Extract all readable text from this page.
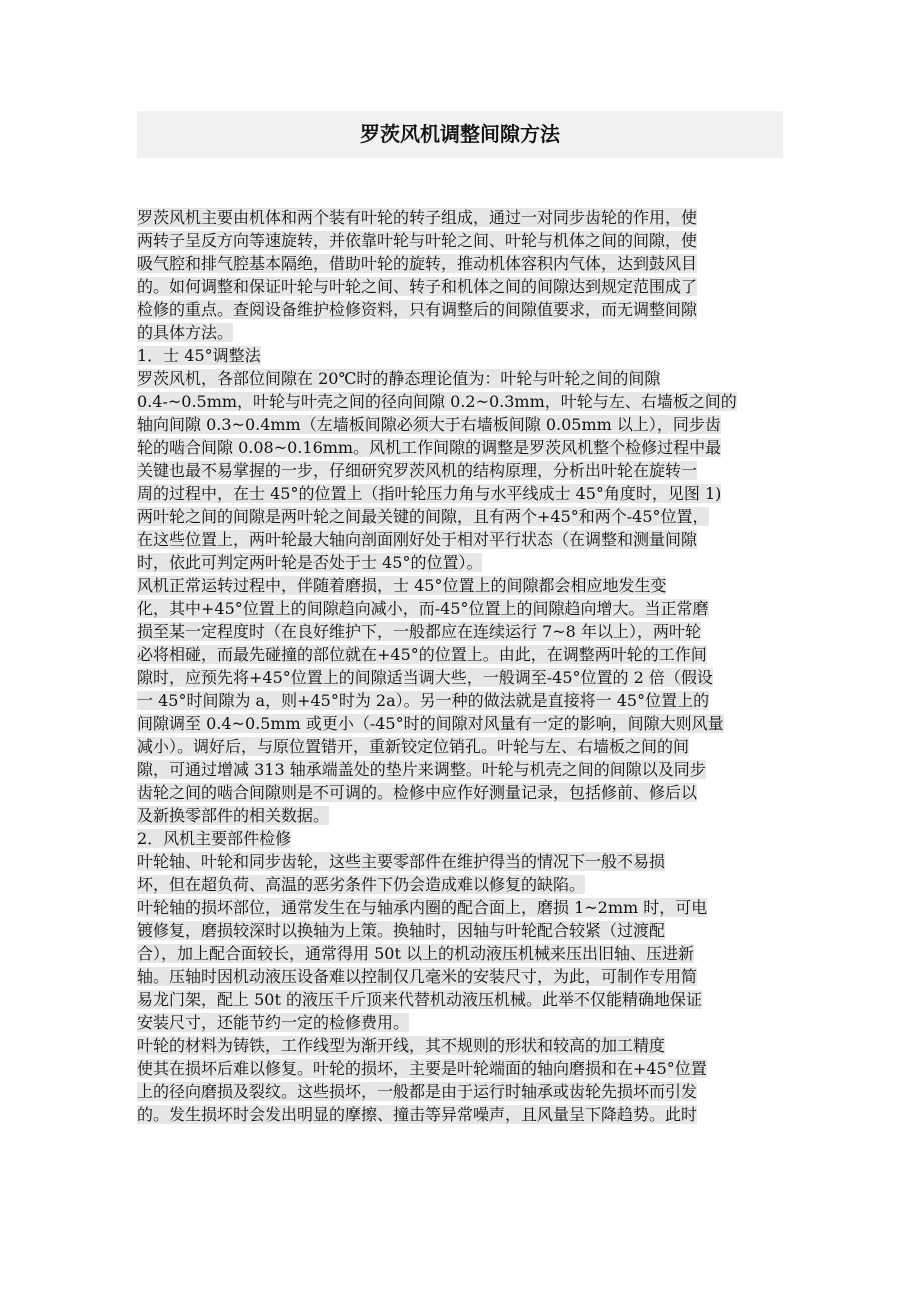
罗茨风机调整间隙方法
罗茨风机主要由机体和两个装有叶轮的转子组成，通过一对同步齿轮的作用，使
两转子呈反方向等速旋转，并依靠叶轮与叶轮之间、叶轮与机体之间的间隙，使
吸气腔和排气腔基本隔绝，借助叶轮的旋转，推动机体容积内气体，达到鼓风目
的。如何调整和保证叶轮与叶轮之间、转子和机体之间的间隙达到规定范围成了
检修的重点。查阅设备维护检修资料，只有调整后的间隙值要求，而无调整间隙
的具体方法。
1．士 45°调整法
罗茨风机，各部位间隙在 20℃时的静态理论值为：叶轮与叶轮之间的间隙
0.4-~0.5mm，叶轮与叶壳之间的径向间隙 0.2~0.3mm，叶轮与左、右墙板之间的
轴向间隙 0.3~0.4mm（左墙板间隙必须大于右墙板间隙 0.05mm 以上），同步齿
轮的啮合间隙 0.08~0.16mm。风机工作间隙的调整是罗茨风机整个检修过程中最
关键也最不易掌握的一步，仔细研究罗茨风机的结构原理，分析出叶轮在旋转一
周的过程中，在士 45°的位置上（指叶轮压力角与水平线成士 45°角度时，见图 1)
两叶轮之间的间隙是两叶轮之间最关键的间隙，且有两个+45°和两个-45°位置，
在这些位置上，两叶轮最大轴向剖面刚好处于相对平行状态（在调整和测量间隙
时，依此可判定两叶轮是否处于士 45°的位置）。
风机正常运转过程中，伴随着磨损，士 45°位置上的间隙都会相应地发生变
化，其中+45°位置上的间隙趋向减小，而-45°位置上的间隙趋向增大。当正常磨
损至某一定程度时（在良好维护下，一般都应在连续运行 7~8 年以上），两叶轮
必将相碰，而最先碰撞的部位就在+45°的位置上。由此，在调整两叶轮的工作间
隙时，应预先将+45°位置上的间隙适当调大些，一般调至-45°位置的 2 倍（假设
一 45°时间隙为 a，则+45°时为 2a）。另一种的做法就是直接将一 45°位置上的
间隙调至 0.4~0.5mm 或更小（-45°时的间隙对风量有一定的影响，间隙大则风量
减小）。调好后，与原位置错开，重新铰定位销孔。叶轮与左、右墙板之间的间
隙，可通过增减 313 轴承端盖处的垫片来调整。叶轮与机壳之间的间隙以及同步
齿轮之间的啮合间隙则是不可调的。检修中应作好测量记录，包括修前、修后以
及新换零部件的相关数据。
2．风机主要部件检修
叶轮轴、叶轮和同步齿轮，这些主要零部件在维护得当的情况下一般不易损
坏，但在超负荷、高温的恶劣条件下仍会造成难以修复的缺陷。
叶轮轴的损坏部位，通常发生在与轴承内圈的配合面上，磨损 1~2mm 时，可电
镀修复，磨损较深时以换轴为上策。换轴时，因轴与叶轮配合较紧（过渡配
合），加上配合面较长，通常得用 50t 以上的机动液压机械来压出旧轴、压进新
轴。压轴时因机动液压设备难以控制仅几毫米的安装尺寸，为此，可制作专用简
易龙门架，配上 50t 的液压千斤顶来代替机动液压机械。此举不仅能精确地保证
安装尺寸，还能节约一定的检修费用。
叶轮的材料为铸铁，工作线型为渐开线，其不规则的形状和较高的加工精度
使其在损坏后难以修复。叶轮的损坏，主要是叶轮端面的轴向磨损和在+45°位置
上的径向磨损及裂纹。这些损坏，一般都是由于运行时轴承或齿轮先损坏而引发
的。发生损坏时会发出明显的摩擦、撞击等异常噪声，且风量呈下降趋势。此时
